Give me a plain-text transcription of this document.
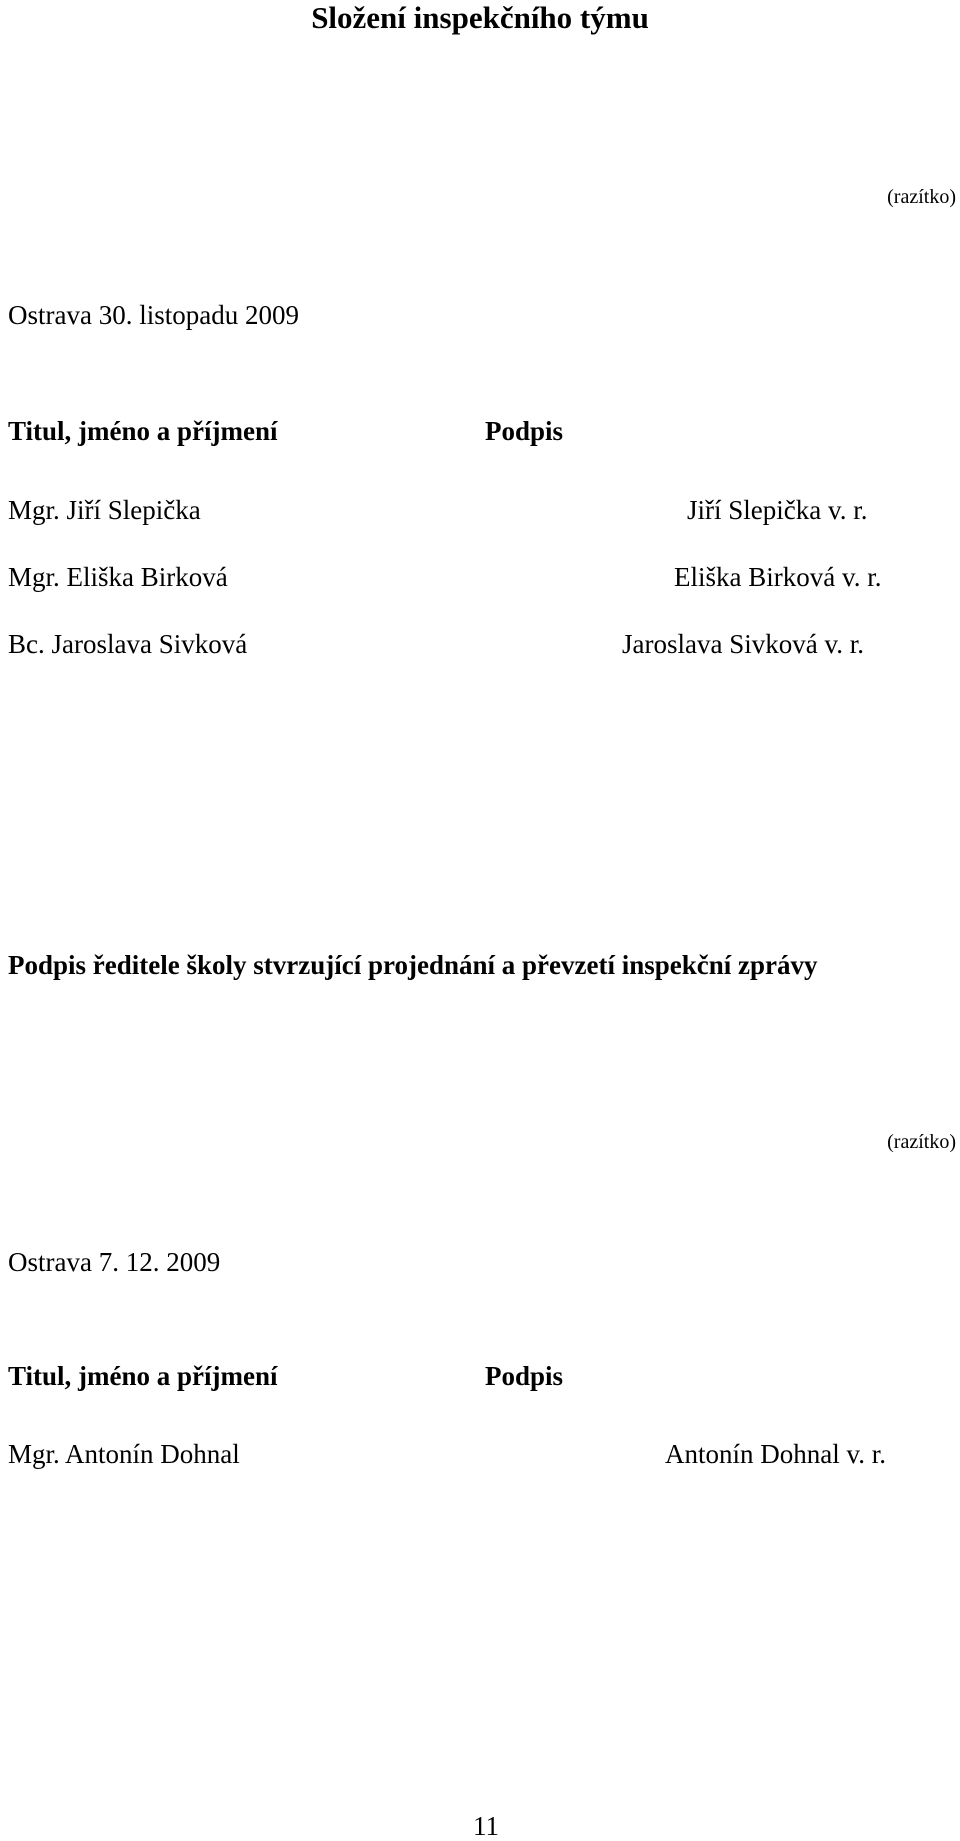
Složení inspekčního týmu
(razítko)
Ostrava 30. listopadu 2009
Titul, jméno a příjmení	Podpis
Mgr. Jiří Slepička	Jiří Slepička v. r.
Mgr. Eliška Birková	Eliška Birková v. r.
Bc. Jaroslava Sivková	Jaroslava Sivková v. r.
Podpis ředitele školy stvrzující projednání a převzetí inspekční zprávy
(razítko)
Ostrava 7. 12. 2009
Titul, jméno a příjmení	Podpis
Mgr. Antonín Dohnal	Antonín Dohnal v. r.
11
